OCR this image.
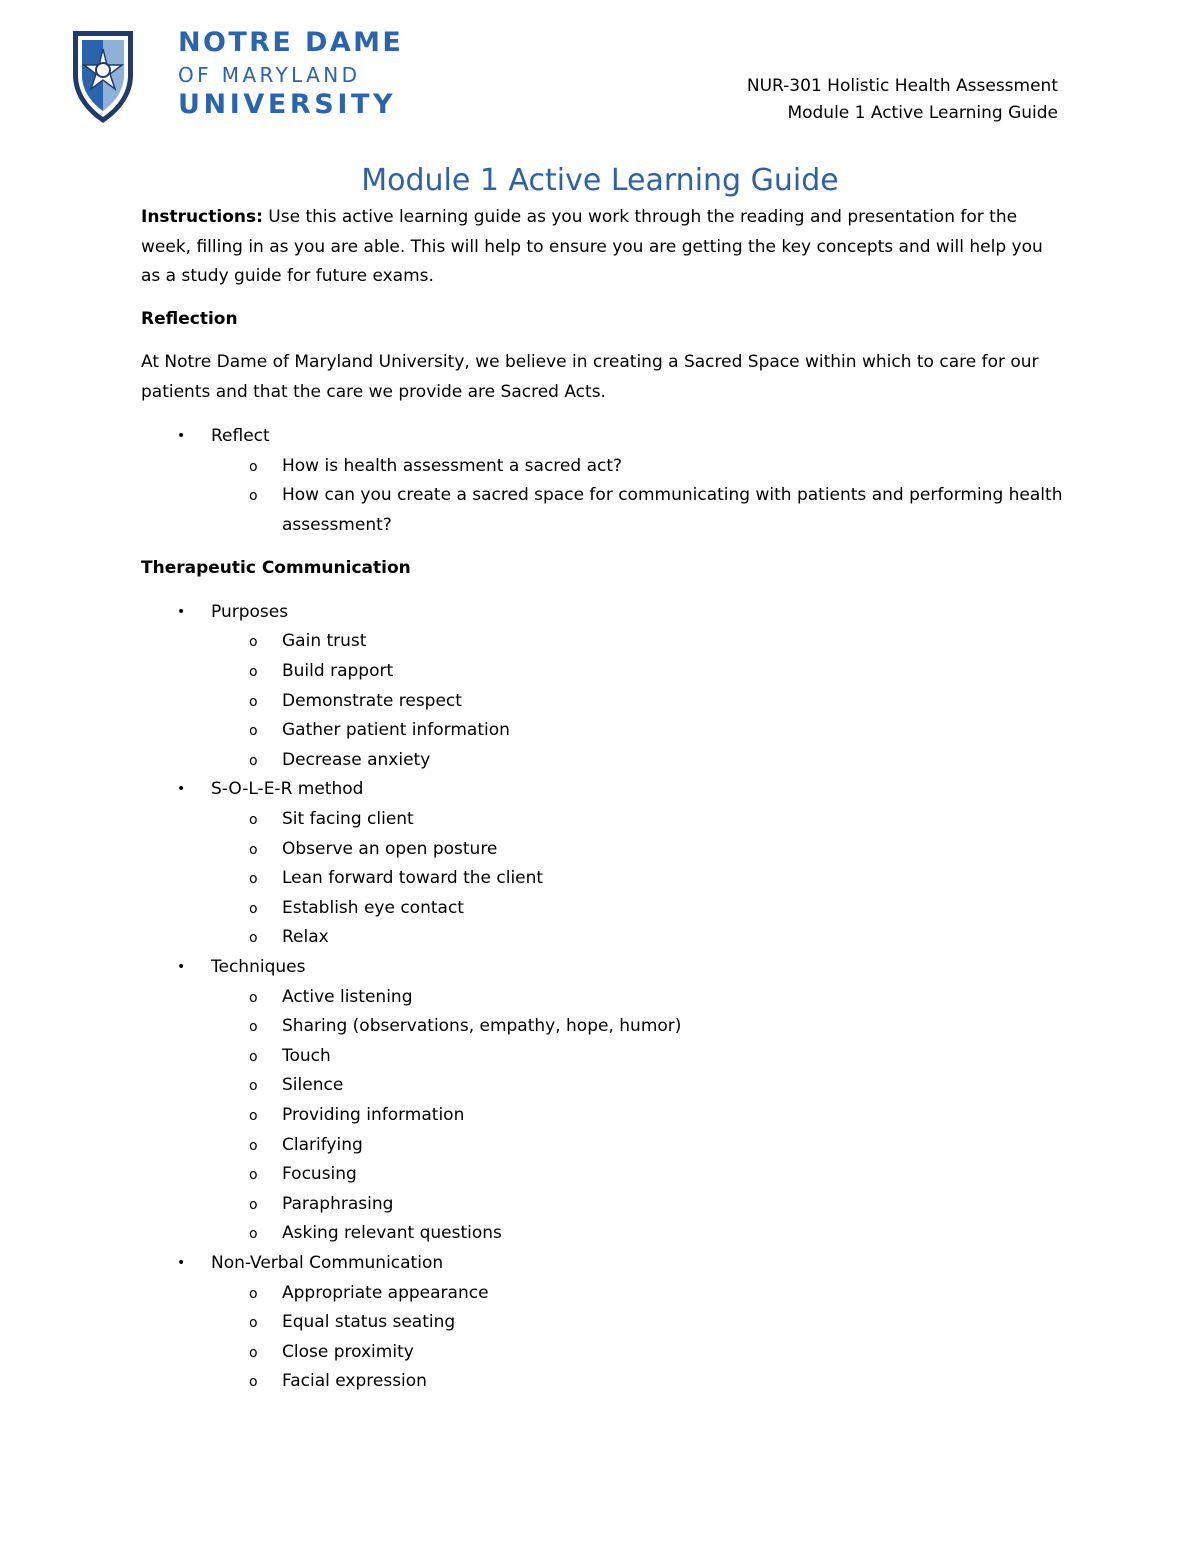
NOTRE DAME
OF MARYLAND
UNIVERSITY
NUR-301 Holistic Health Assessment
Module 1 Active Learning Guide
Module 1 Active Learning Guide

Instructions: Use this active learning guide as you work through the reading and presentation for the week, filling in as you are able. This will help to ensure you are getting the key concepts and will help you as a study guide for future exams.

Reflection

At Notre Dame of Maryland University, we believe in creating a Sacred Space within which to care for our patients and that the care we provide are Sacred Acts.

• Reflect
o How is health assessment a sacred act?
o How can you create a sacred space for communicating with patients and performing health assessment?
Therapeutic Communication
• Purposes
o Gain trust
o Build rapport
o Demonstrate respect
o Gather patient information
o Decrease anxiety
• S-O-L-E-R method
o Sit facing client
o Observe an open posture
o Lean forward toward the client
o Establish eye contact
o Relax
• Techniques
o Active listening
o Sharing (observations, empathy, hope, humor)
o Touch
o Silence
o Providing information
o Clarifying
o Focusing
o Paraphrasing
o Asking relevant questions
• Non-Verbal Communication
o Appropriate appearance
o Equal status seating
o Close proximity
o Facial expression
